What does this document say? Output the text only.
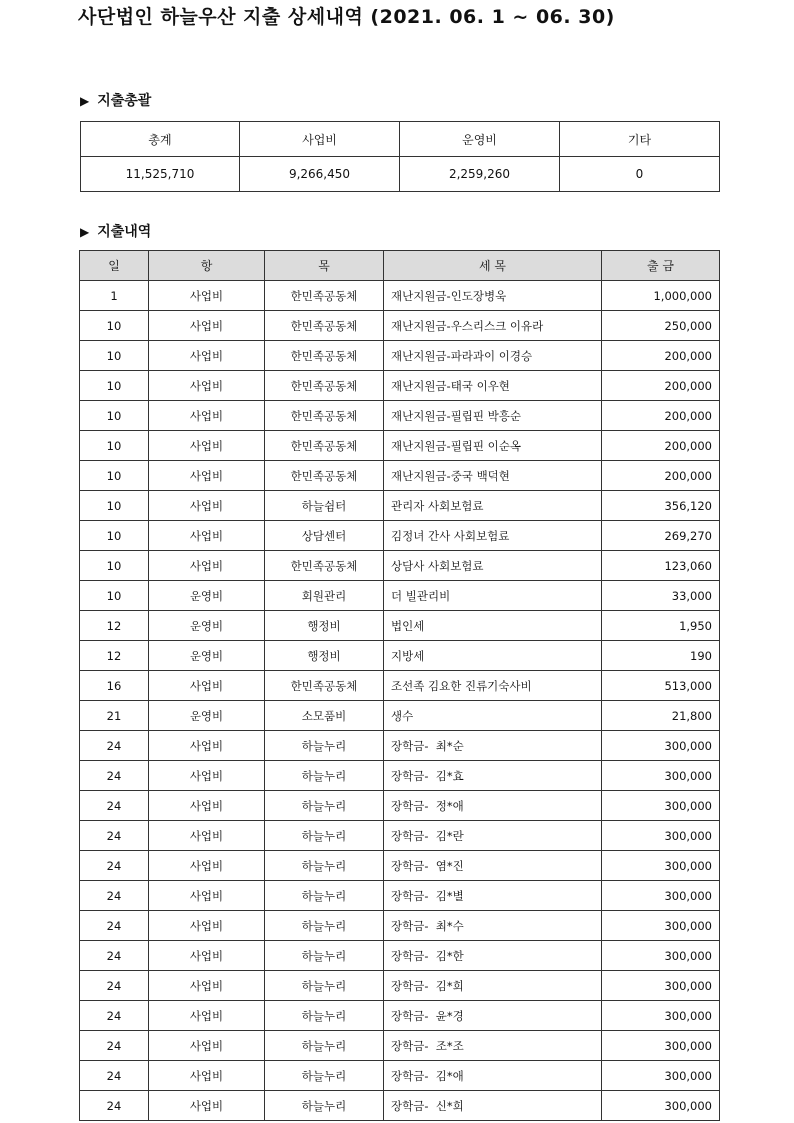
사단법인 하늘우산 지출 상세내역 (2021. 06. 1 ~ 06. 30)
▶ 지출총괄
총계	사업비	운영비	기타
11,525,710	9,266,450	2,259,260	0
▶ 지출내역
일	항	목	세 목	출 금
1	사업비	한민족공동체	재난지원금-인도장병욱	1,000,000
10	사업비	한민족공동체	재난지원금-우스리스크 이유라	250,000
10	사업비	한민족공동체	재난지원금-파라과이 이경승	200,000
10	사업비	한민족공동체	재난지원금-태국 이우현	200,000
10	사업비	한민족공동체	재난지원금-필립핀 박흥순	200,000
10	사업비	한민족공동체	재난지원금-필립핀 이순옥	200,000
10	사업비	한민족공동체	재난지원금-중국 백덕현	200,000
10	사업비	하늘쉼터	관리자 사회보험료	356,120
10	사업비	상담센터	김정녀 간사 사회보험료	269,270
10	사업비	한민족공동체	상담사 사회보험료	123,060
10	운영비	회원관리	더 빌관리비	33,000
12	운영비	행정비	법인세	1,950
12	운영비	행정비	지방세	190
16	사업비	한민족공동체	조선족 김요한 진류기숙사비	513,000
21	운영비	소모품비	생수	21,800
24	사업비	하늘누리	장학금-  최*순	300,000
24	사업비	하늘누리	장학금-  김*효	300,000
24	사업비	하늘누리	장학금-  정*애	300,000
24	사업비	하늘누리	장학금-  김*란	300,000
24	사업비	하늘누리	장학금-  염*진	300,000
24	사업비	하늘누리	장학금-  김*별	300,000
24	사업비	하늘누리	장학금-  최*수	300,000
24	사업비	하늘누리	장학금-  김*한	300,000
24	사업비	하늘누리	장학금-  김*희	300,000
24	사업비	하늘누리	장학금-  윤*경	300,000
24	사업비	하늘누리	장학금-  조*조	300,000
24	사업비	하늘누리	장학금-  김*애	300,000
24	사업비	하늘누리	장학금-  신*희	300,000
